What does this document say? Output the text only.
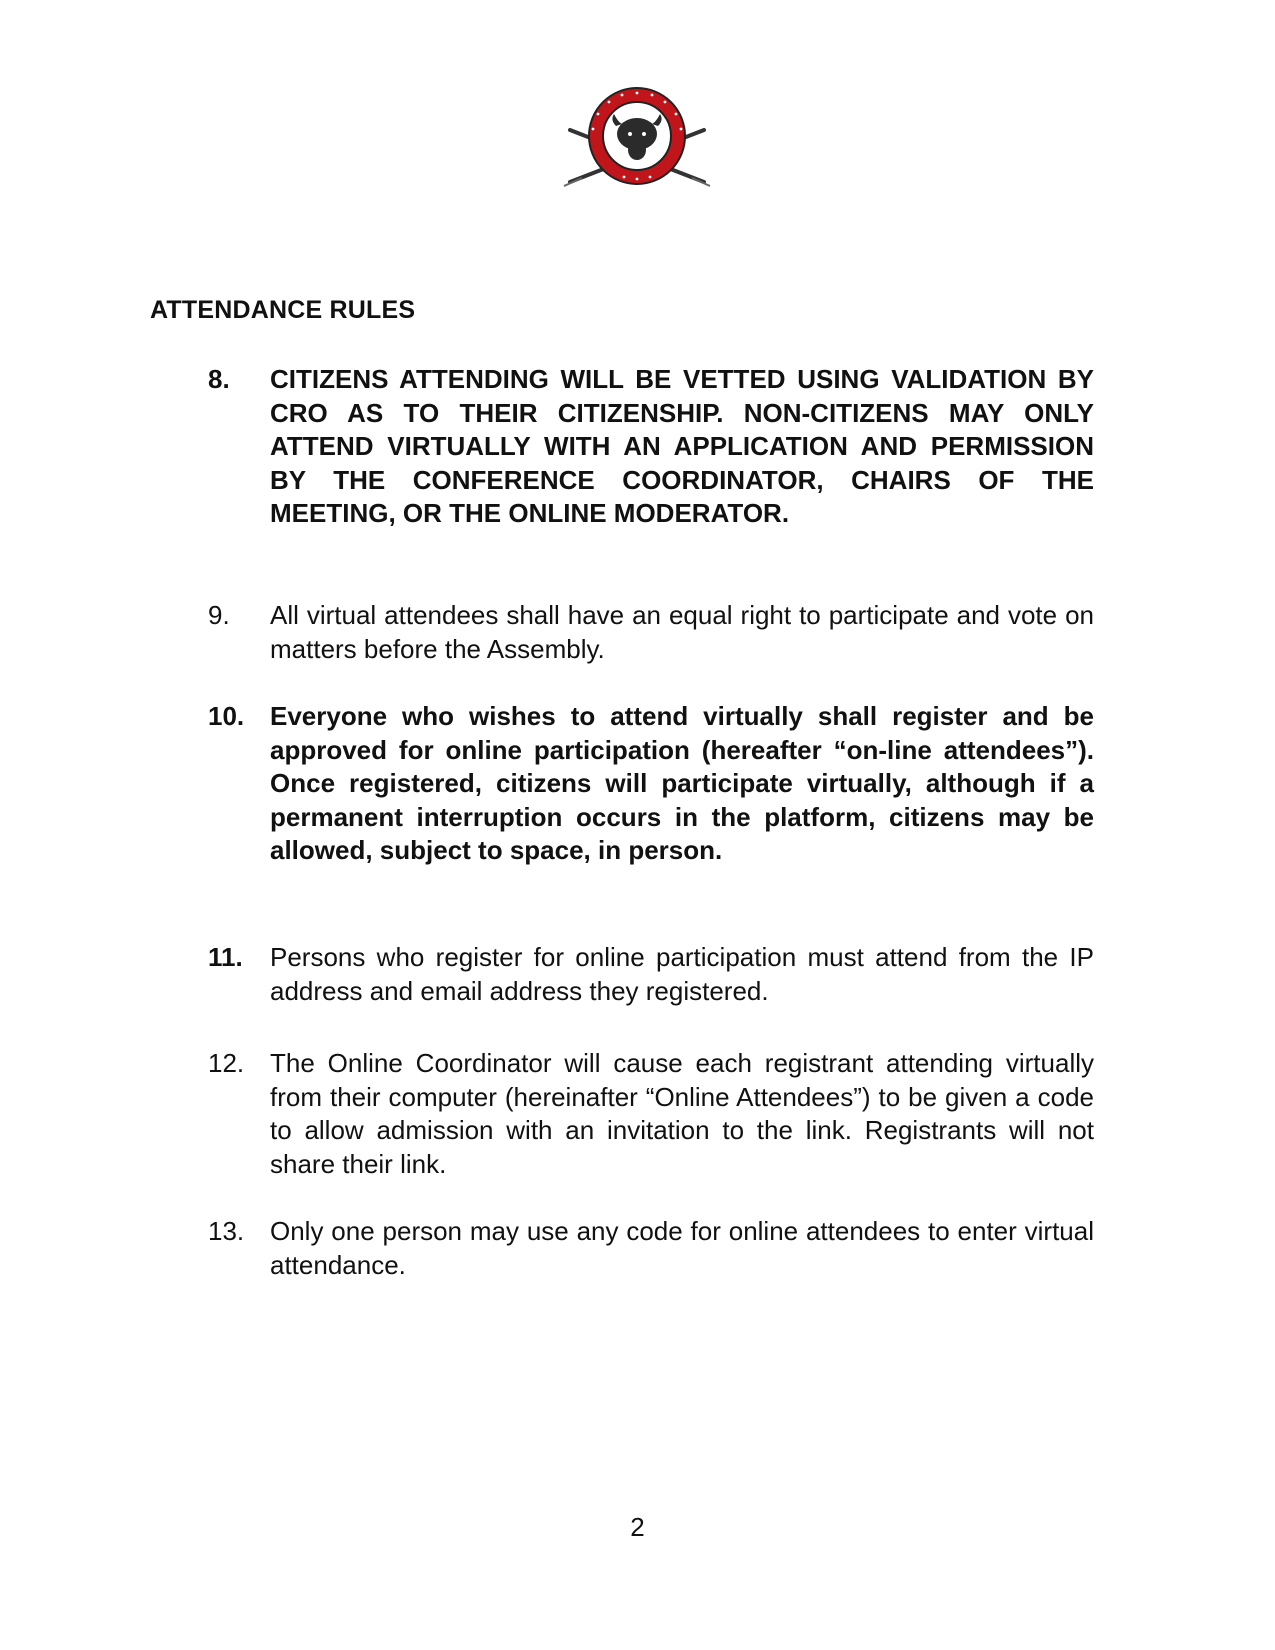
ATTENDANCE RULES
8. CITIZENS ATTENDING WILL BE VETTED USING VALIDATION BY CRO AS TO THEIR CITIZENSHIP. NON-CITIZENS MAY ONLY ATTEND VIRTUALLY WITH AN APPLICATION AND PERMISSION BY THE CONFERENCE COORDINATOR, CHAIRS OF THE MEETING, OR THE ONLINE MODERATOR.
9. All virtual attendees shall have an equal right to participate and vote on matters before the Assembly.
10. Everyone who wishes to attend virtually shall register and be approved for online participation (hereafter “on-line attendees”). Once registered, citizens will participate virtually, although if a permanent interruption occurs in the platform, citizens may be allowed, subject to space, in person.
11. Persons who register for online participation must attend from the IP address and email address they registered.
12. The Online Coordinator will cause each registrant attending virtually from their computer (hereinafter “Online Attendees”) to be given a code to allow admission with an invitation to the link. Registrants will not share their link.
13. Only one person may use any code for online attendees to enter virtual attendance.
2
